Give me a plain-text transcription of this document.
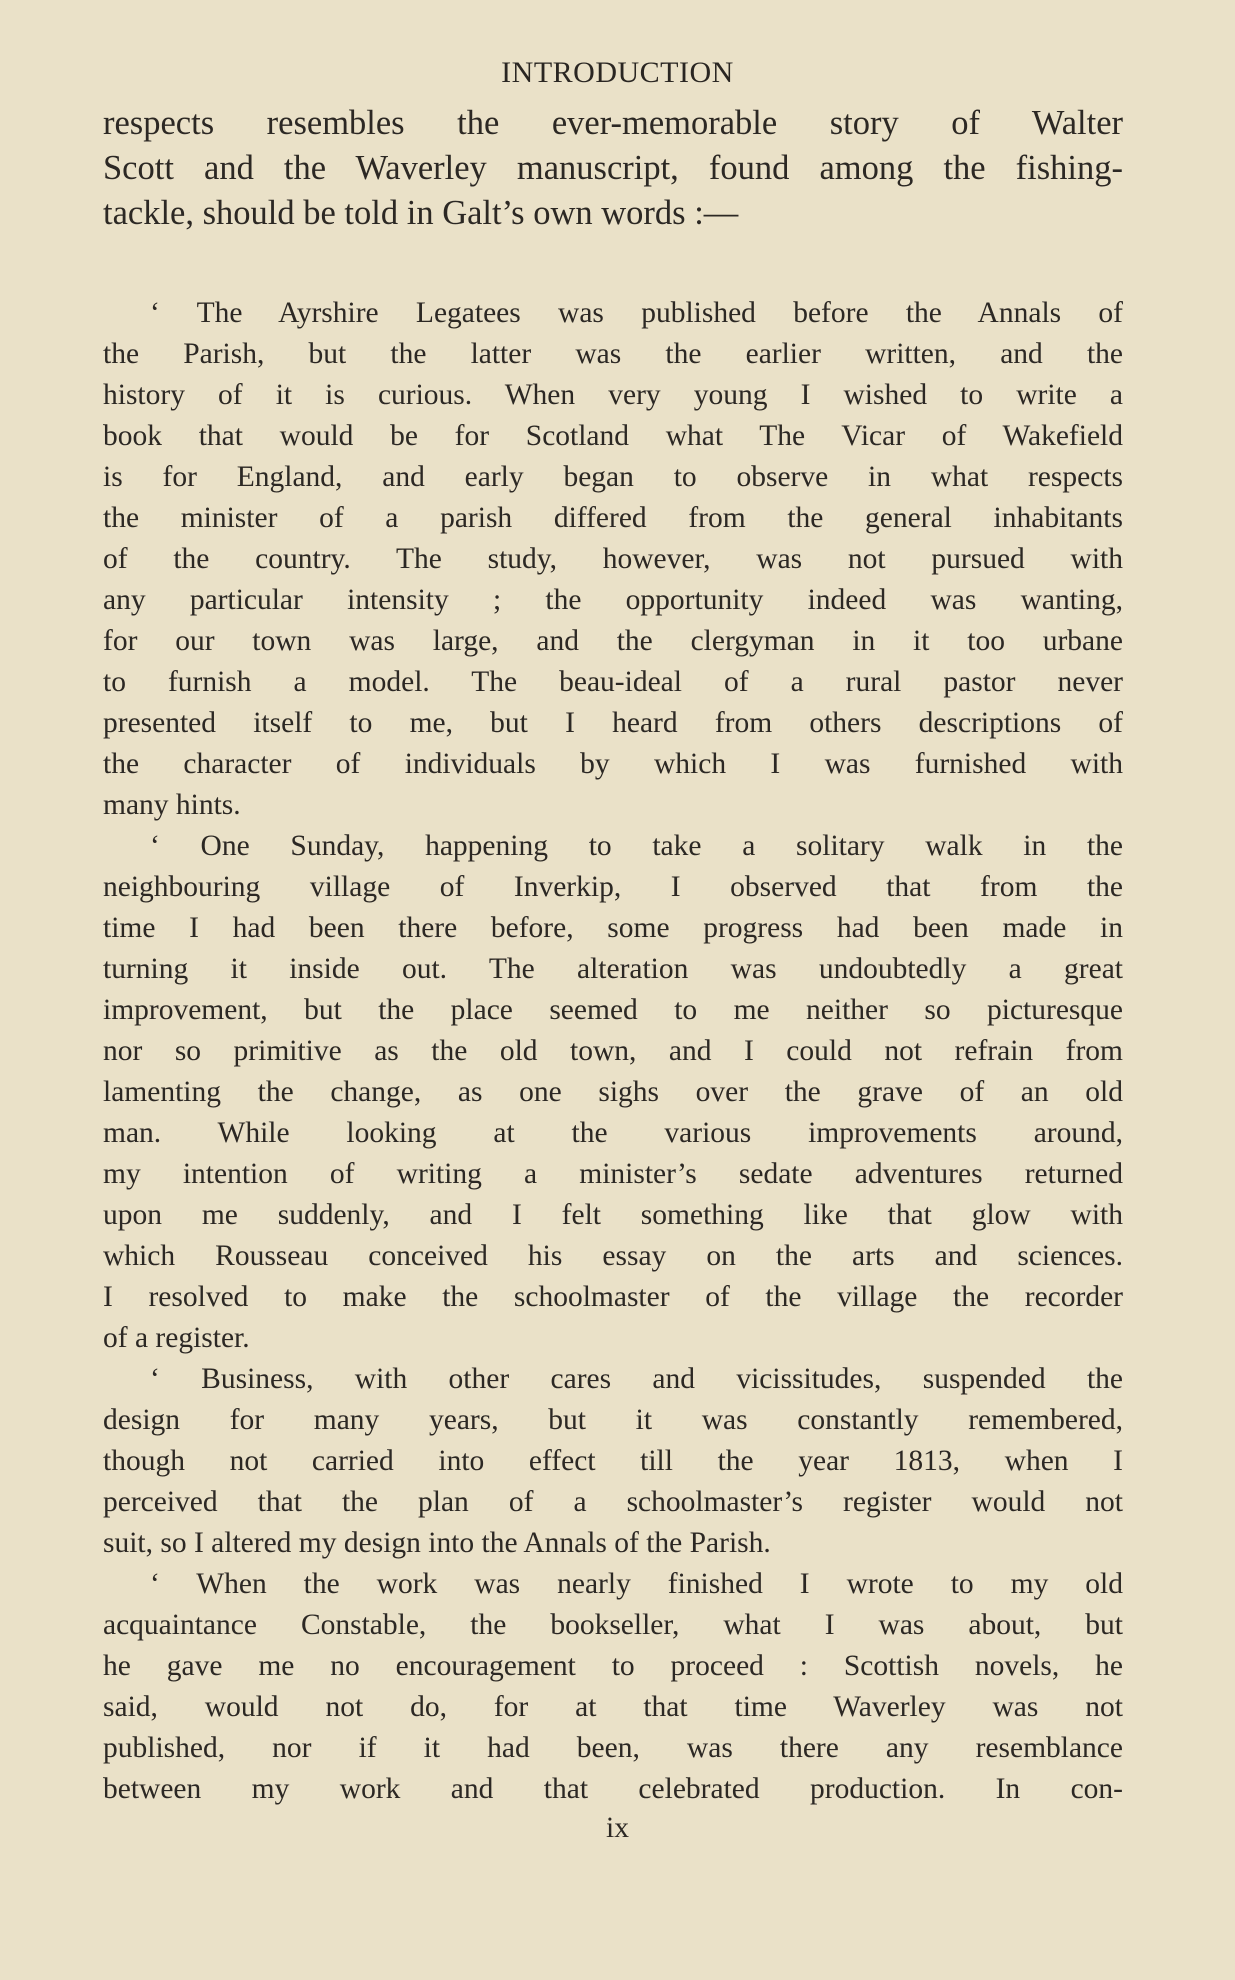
INTRODUCTION

respects resembles the ever-memorable story of Walter

Scott and the Waverley manuscript, found among the fishing-

tackle, should be told in Galt’s own words :—

‘ The Ayrshire Legatees was published before the Annals of

the Parish, but the latter was the earlier written, and the

history of it is curious. When very young I wished to write a

book that would be for Scotland what The Vicar of Wakefield

is for England, and early began to observe in what respects

the minister of a parish differed from the general inhabitants

of the country. The study, however, was not pursued with

any particular intensity ; the opportunity indeed was wanting,

for our town was large, and the clergyman in it too urbane

to furnish a model. The beau-ideal of a rural pastor never

presented itself to me, but I heard from others descriptions of

the character of individuals by which I was furnished with

many hints.

‘ One Sunday, happening to take a solitary walk in the

neighbouring village of Inverkip, I observed that from the

time I had been there before, some progress had been made in

turning it inside out. The alteration was undoubtedly a great

improvement, but the place seemed to me neither so picturesque

nor so primitive as the old town, and I could not refrain from

lamenting the change, as one sighs over the grave of an old

man. While looking at the various improvements around,

my intention of writing a minister’s sedate adventures returned

upon me suddenly, and I felt something like that glow with

which Rousseau conceived his essay on the arts and sciences.

I resolved to make the schoolmaster of the village the recorder

of a register.

‘ Business, with other cares and vicissitudes, suspended the

design for many years, but it was constantly remembered,

though not carried into effect till the year 1813, when I

perceived that the plan of a schoolmaster’s register would not

suit, so I altered my design into the Annals of the Parish.

‘ When the work was nearly finished I wrote to my old

acquaintance Constable, the bookseller, what I was about, but

he gave me no encouragement to proceed : Scottish novels, he

said, would not do, for at that time Waverley was not

published, nor if it had been, was there any resemblance

between my work and that celebrated production. In con-

ix
